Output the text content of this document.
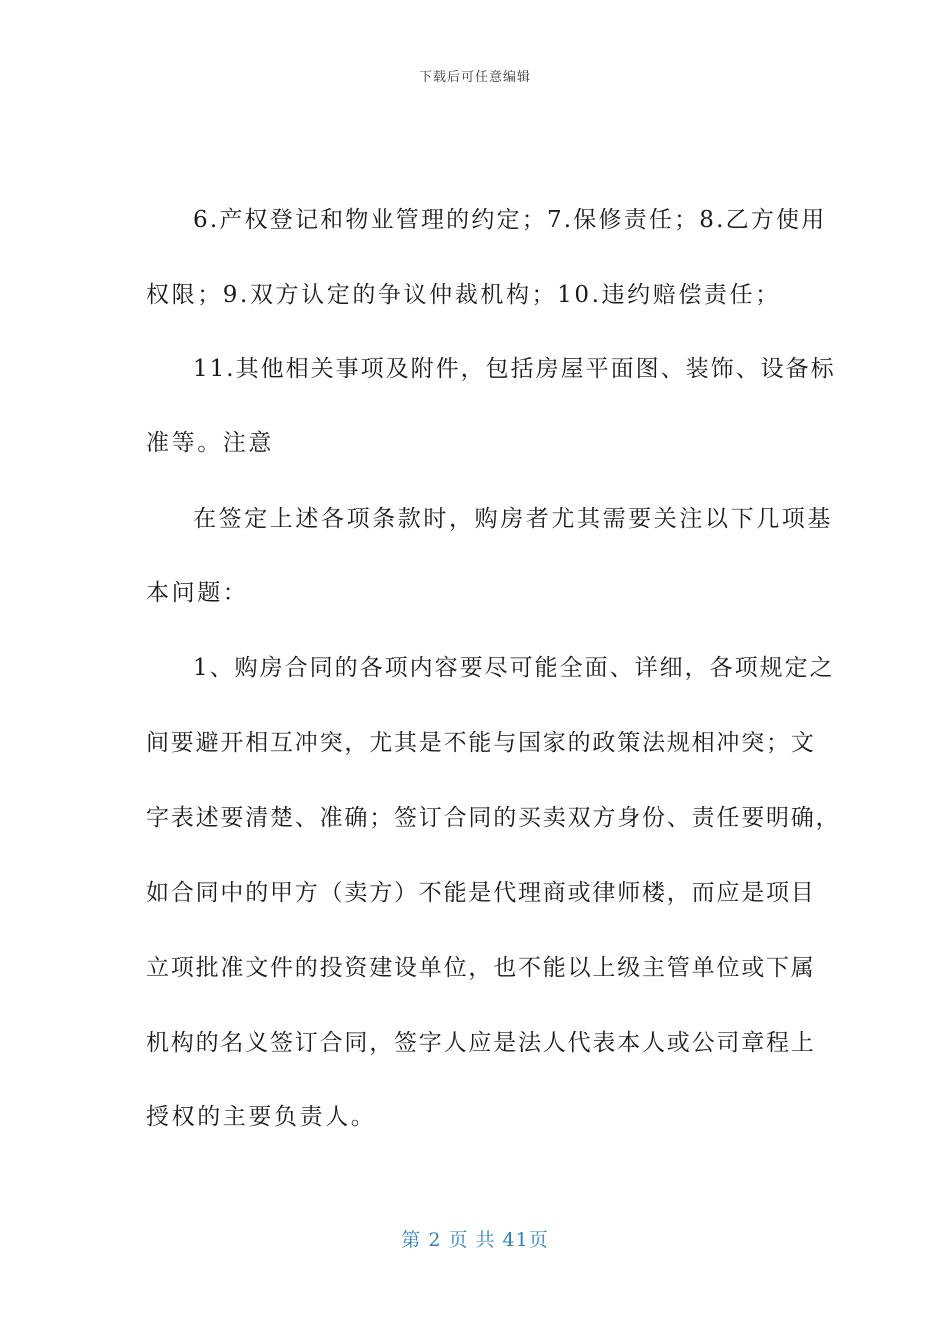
下载后可任意编辑
6.产权登记和物业管理的约定；7.保修责任；8.乙方使用
权限；9.双方认定的争议仲裁机构；10.违约赔偿责任；
11.其他相关事项及附件，包括房屋平面图、装饰、设备标
准等。注意
在签定上述各项条款时，购房者尤其需要关注以下几项基
本问题：
1、购房合同的各项内容要尽可能全面、详细，各项规定之
间要避开相互冲突，尤其是不能与国家的政策法规相冲突；文
字表述要清楚、准确；签订合同的买卖双方身份、责任要明确，
如合同中的甲方（卖方）不能是代理商或律师楼，而应是项目
立项批准文件的投资建设单位，也不能以上级主管单位或下属
机构的名义签订合同，签字人应是法人代表本人或公司章程上
授权的主要负责人。
第 2 页 共 41页
